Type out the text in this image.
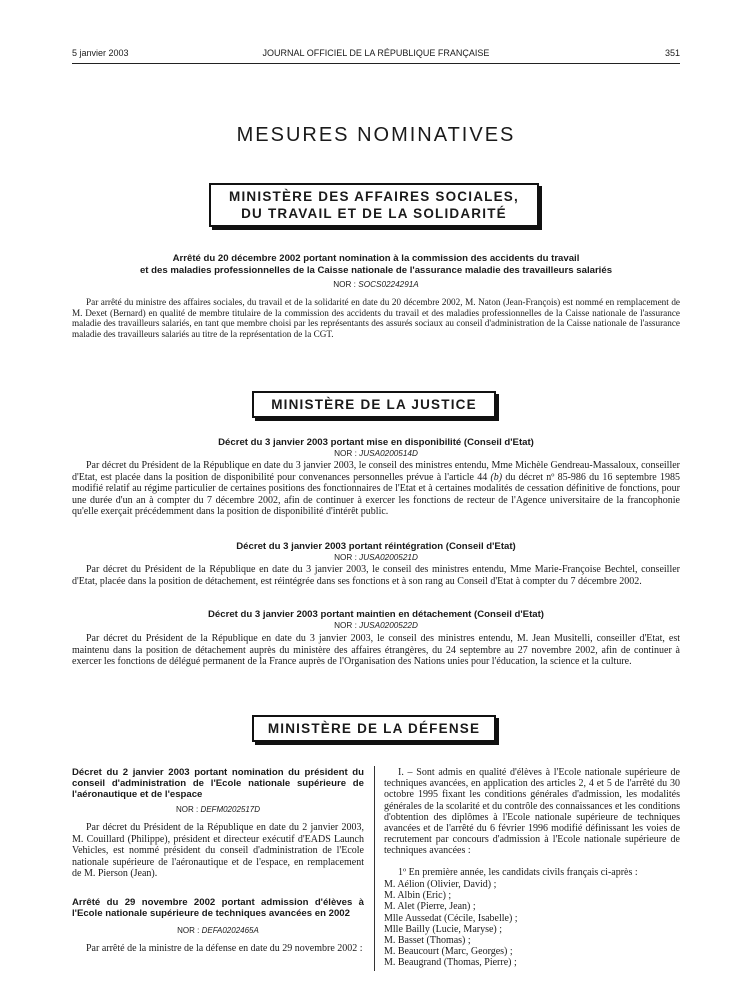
5 janvier 2003	JOURNAL OFFICIEL DE LA RÉPUBLIQUE FRANÇAISE	351
MESURES NOMINATIVES
MINISTÈRE DES AFFAIRES SOCIALES,
DU TRAVAIL ET DE LA SOLIDARITÉ
Arrêté du 20 décembre 2002 portant nomination à la commission des accidents du travail
et des maladies professionnelles de la Caisse nationale de l'assurance maladie des travailleurs salariés
NOR : SOCS0224291A

Par arrêté du ministre des affaires sociales, du travail et de la solidarité en date du 20 décembre 2002, M. Naton (Jean-François) est nommé en remplacement de M. Dexet (Bernard) en qualité de membre titulaire de la commission des accidents du travail et des maladies professionnelles de la Caisse nationale de l'assurance maladie des travailleurs salariés, en tant que membre choisi par les représentants des assurés sociaux au conseil d'administration de la Caisse nationale de l'assurance maladie des travailleurs salariés au titre de la représentation de la CGT.

MINISTÈRE DE LA JUSTICE
Décret du 3 janvier 2003 portant mise en disponibilité (Conseil d'Etat)
NOR : JUSA0200514D

Par décret du Président de la République en date du 3 janvier 2003, le conseil des ministres entendu, Mme Michèle Gendreau-Massaloux, conseiller d'Etat, est placée dans la position de disponibilité pour convenances personnelles prévue à l'article 44 (b) du décret nº 85-986 du 16 septembre 1985 modifié relatif au régime particulier de certaines positions des fonctionnaires de l'Etat et à certaines modalités de cessation définitive de fonctions, pour une durée d'un an à compter du 7 décembre 2002, afin de continuer à exercer les fonctions de recteur de l'Agence universitaire de la francophonie qu'elle exerçait précédemment dans la position de disponibilité d'intérêt public.

Décret du 3 janvier 2003 portant réintégration (Conseil d'Etat)
NOR : JUSA0200521D

Par décret du Président de la République en date du 3 janvier 2003, le conseil des ministres entendu, Mme Marie-Françoise Bechtel, conseiller d'Etat, placée dans la position de détachement, est réintégrée dans ses fonctions et à son rang au Conseil d'Etat à compter du 7 décembre 2002.

Décret du 3 janvier 2003 portant maintien en détachement (Conseil d'Etat)
NOR : JUSA0200522D

Par décret du Président de la République en date du 3 janvier 2003, le conseil des ministres entendu, M. Jean Musitelli, conseiller d'Etat, est maintenu dans la position de détachement auprès du ministère des affaires étrangères, du 24 septembre au 27 novembre 2002, afin de continuer à exercer les fonctions de délégué permanent de la France auprès de l'Organisation des Nations unies pour l'éducation, la science et la culture.

MINISTÈRE DE LA DÉFENSE
Décret du 2 janvier 2003 portant nomination du président du conseil d'administration de l'Ecole nationale supérieure de l'aéronautique et de l'espace
NOR : DEFM0202517D

Par décret du Président de la République en date du 2 janvier 2003, M. Couillard (Philippe), président et directeur exécutif d'EADS Launch Vehicles, est nommé président du conseil d'administration de l'Ecole nationale supérieure de l'aéronautique et de l'espace, en remplacement de M. Pierson (Jean).

Arrêté du 29 novembre 2002 portant admission d'élèves à l'Ecole nationale supérieure de techniques avancées en 2002
NOR : DEFA0202465A

Par arrêté de la ministre de la défense en date du 29 novembre 2002 :

I. – Sont admis en qualité d'élèves à l'Ecole nationale supérieure de techniques avancées, en application des articles 2, 4 et 5 de l'arrêté du 30 octobre 1995 fixant les conditions générales d'admission, les modalités générales de la scolarité et du contrôle des connaissances et les conditions d'obtention des diplômes à l'Ecole nationale supérieure de techniques avancées et de l'arrêté du 6 février 1996 modifié définissant les voies de recrutement par concours d'admission à l'Ecole nationale supérieure de techniques avancées :

1º En première année, les candidats civils français ci-après :

M. Aélion (Olivier, David) ;
M. Albin (Eric) ;
M. Alet (Pierre, Jean) ;
Mlle Aussedat (Cécile, Isabelle) ;
Mlle Bailly (Lucie, Maryse) ;
M. Basset (Thomas) ;
M. Beaucourt (Marc, Georges) ;
M. Beaugrand (Thomas, Pierre) ;
